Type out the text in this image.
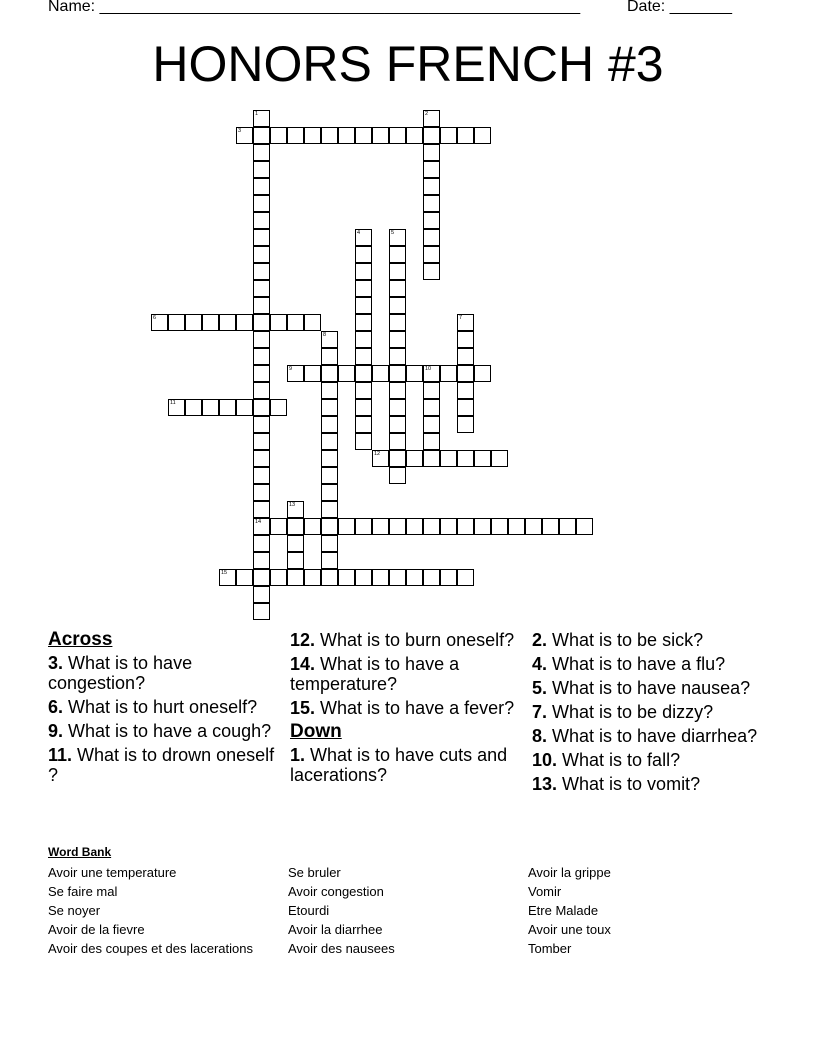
Name: ______________________________________________________	Date: _______
HONORS FRENCH #3
1
14
2
3
4	5
6	7
8
9	10
11
12
13
15
Across
3. What is to have congestion?
6. What is to hurt oneself?
9. What is to have a cough?
11. What is to drown oneself ?
12. What is to burn oneself?
14. What is to have a temperature?
15. What is to have a fever?
Down
1. What is to have cuts and lacerations?
2. What is to be sick?
4. What is to have a flu?
5. What is to have nausea?
7. What is to be dizzy?
8. What is to have diarrhea?
10. What is to fall?
13. What is to vomit?
Word Bank
Avoir une temperature
Se faire mal
Se noyer
Avoir de la fievre
Avoir des coupes et des lacerations
Se bruler
Avoir congestion
Etourdi
Avoir la diarrhee
Avoir des nausees
Avoir la grippe
Vomir
Etre Malade
Avoir une toux
Tomber
